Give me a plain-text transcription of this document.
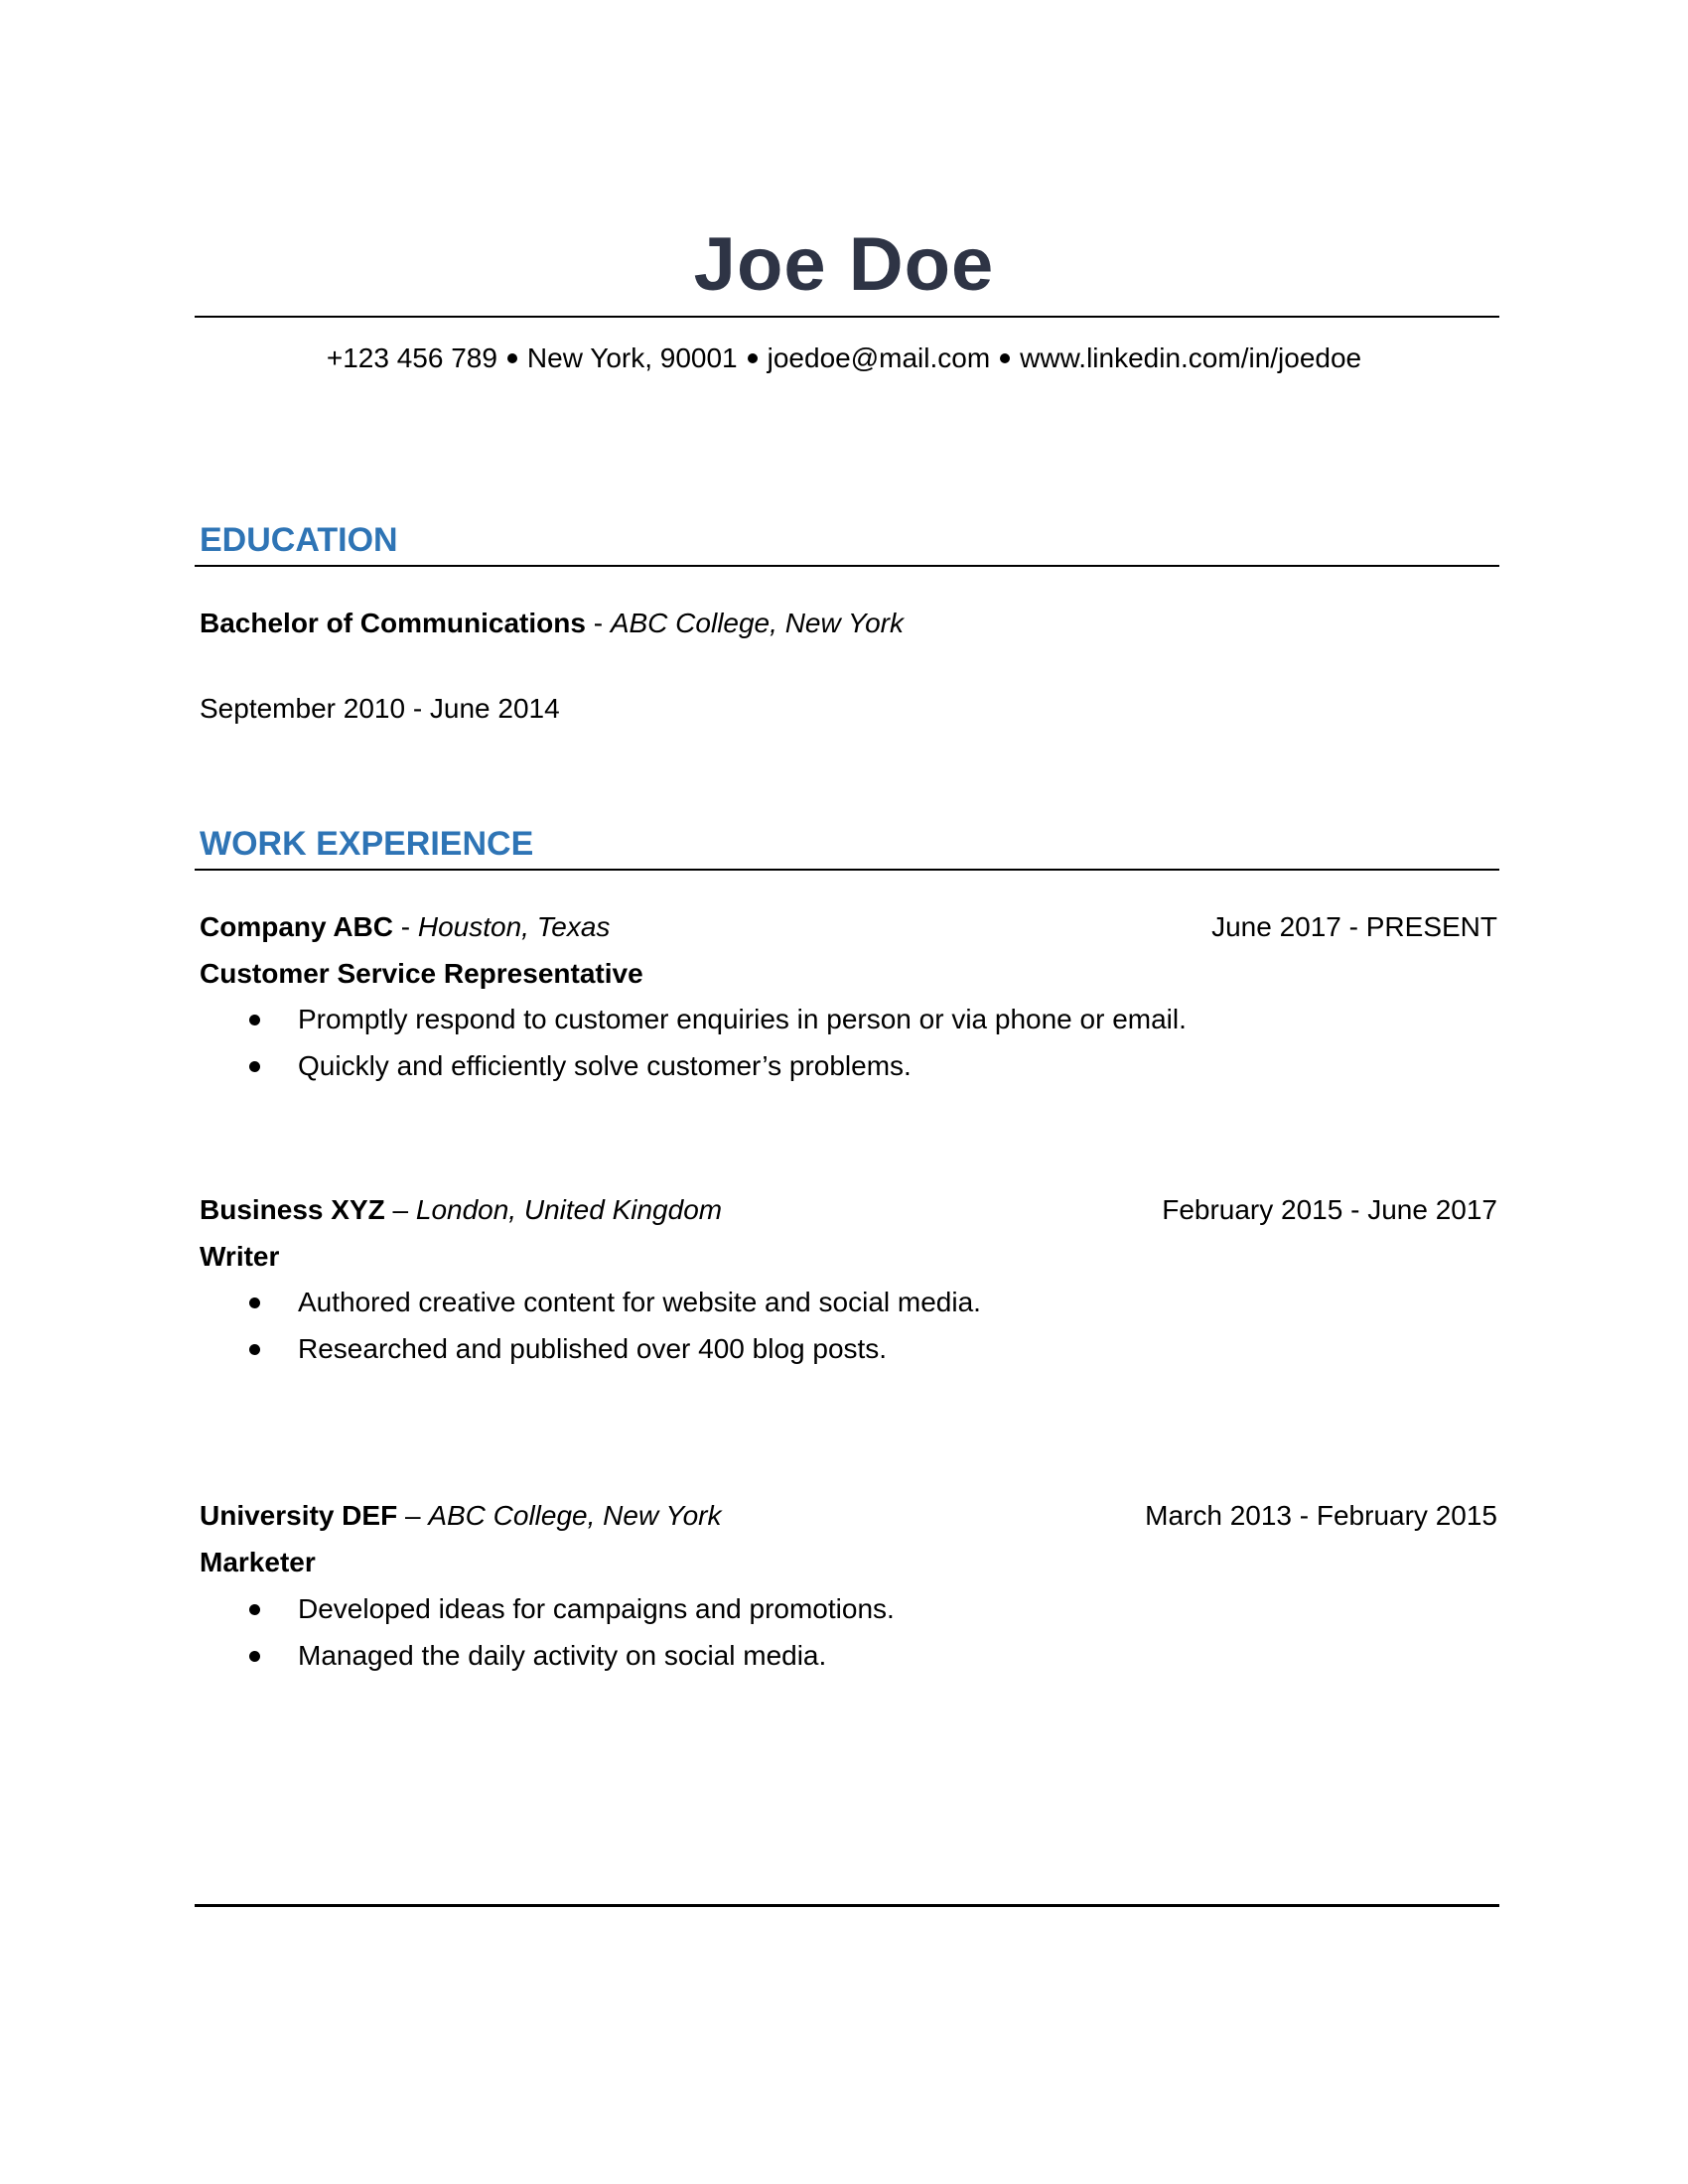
Joe Doe
+123 456 789 New York, 90001 joedoe@mail.com www.linkedin.com/in/joedoe
EDUCATION
Bachelor of Communications - ABC College, New York
September 2010 - June 2014
WORK EXPERIENCE
Company ABC - Houston, Texas	June 2017 - PRESENT
Customer Service Representative
Promptly respond to customer enquiries in person or via phone or email.
Quickly and efficiently solve customer’s problems.
Business XYZ – London, United Kingdom	February 2015 - June 2017
Writer
Authored creative content for website and social media.
Researched and published over 400 blog posts.
University DEF – ABC College, New York	March 2013 - February 2015
Marketer
Developed ideas for campaigns and promotions.
Managed the daily activity on social media.
